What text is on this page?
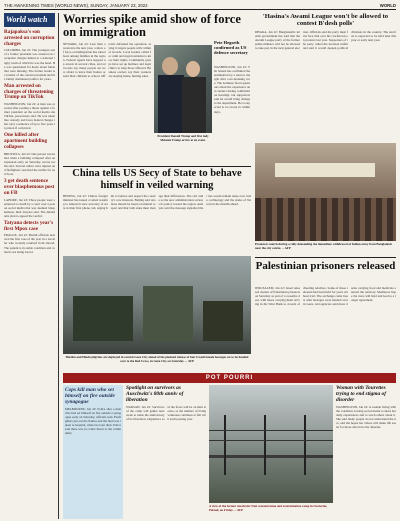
THE AWAKENING TIMES (WORLD NEWS), SUNDAY, JANUARY 23, 2022	WORLD
World watch
Rajapaksa's son arrested on corruption charges
COLOMBO, Jan 22: The youngest son of a former president was arrested on corruption charges linked to a national rugby team of which he was the head. He was questioned for hours about funds that were missing. The former leader is a brother of the current president and his family dominated politics for years.
Man arrested on charges of threatening Trump on TikTok
WASHINGTON, Jan 22: A man was arrested after posting a threat against a former president on the social media site TikTok, prosecutors said. He was taken into custody and faces federal charges that carry a sentence of up to five years in prison if convicted.
One killed after apartment building collapses
BRUSSELS, Jan 22: One person was killed when a building collapsed after an explosion early on Saturday, rescue teams said. Several others were injured and firefighters searched the rubble for survivors.
3 get death sentence over blasphemous post on FB
LAHORE, Jan 22: Three people were sentenced to death by a court over a post on social media that was deemed blasphemous, their lawyers said. The defendants plan to appeal the verdict.
Tatyana detects year's first Mpox case
PRAGUE, Jan 22: Health officials detected the first case of the year in a traveller who recently returned from abroad. The patient is in stable condition and contacts are being traced.
Worries spike amid show of force on immigration
NEWARK, Jan 22: Less than a week into the new year, a show of force on immigration has raised fears among families in the region. Federal agents have stepped up arrests in several cities, and advocates say many people are now afraid to leave their homes or send their children to school. Officials defended the operation, saying it targets people with criminal records. Local leaders called for calm and urged residents to know their rights. Community groups have set up hotlines and legal clinics to help those affected. Business owners say their workers are staying home, hurting sales.
President Donald Trump and first lady Melania Trump arrive at an event.
Pete Hegseth confirmed as US defence secretary
WASHINGTON, Jan 22: The Senate has confirmed the nomination by a narrow margin after a tie-breaking vote. The nominee faced questions about his experience and conduct during confirmation hearings, but supporters said he would bring change to the department. He is expected to be sworn in within days.
China tells US Secy of State to behave himself in veiled warning
BEIJING, Jan 22: China's foreign minister has issued a veiled warning to America's new secretary of state in their first phone call, urging him to behave and respect the country's core interests. Beijing said relations should be based on mutual respect and that both sides must manage their differences. The call came as the new administration reviews its policy toward the region. Analysts said the message signalled that ties would remain tense over trade, technology and the status of Taiwan in the months ahead.
Muslim and Hindu pilgrims are deployed in central Gaza City ahead of the planned release of four Israeli female hostages set to be handed over to the Red Cross, in Gaza City on Saturday. -- AFP
'Hasina's Awami League won't be allowed to contest B'desh polls'
DHAKA, Jan 22: Bangladesh's interim government has said that the Awami League party of the former prime minister will not be allowed to take part in the next general election. Officials said the party must first face trial over the crackdown on protests last year. Supporters of the party called the decision unfair and said it would deepen political divisions in the country. The election is expected to be held later this year or early next year.
Protesters march during a rally demanding the immediate withdrawal of Indian army from Bangladesh near the city centre. -- AFP
Palestinian prisoners released
JERUSALEM, Jan 22: Israel released dozens of Palestinian prisoners on Saturday as part of a ceasefire deal, with buses carrying them arriving in the West Bank to crowds of cheering relatives. Some of those released had been held for years without trial. The exchange came hours after hostages were handed over in Gaza. Aid agencies said more trucks carrying food and medicine entered the territory. Mediators hope the truce will hold and lead to a longer agreement.
POT POURRI
Cops kill man who set himself on fire outside synagogue
MELBOURNE, Jan 22: Police shot a man who had set himself on fire outside a synagogue early on Saturday, officials said. Firefighters put out the flames and the man was taken to hospital, where he later died. Police said there was no wider threat to the community.
Spotlight on survivors as Auschwitz's 80th anniv of liberation
WARSAW, Jan 22: Survivors of the camp will gather next week to mark the anniversary of its liberation. Organisers said the focus will be on their stories, as the number of living witnesses continues to fall with each passing year.
A view of the former Auschwitz Nazi concentration and extermination camp in Oswiecim, Poland, on Friday. -- AFP
Woman with Tourettes trying to end stigma of disorder
WASHINGTON, Jan 22: A woman living with the condition is using social media to share her daily experiences and to teach others about it. She said many people do not understand the tics, and she hopes her videos will make life easier for those who have the disorder.
